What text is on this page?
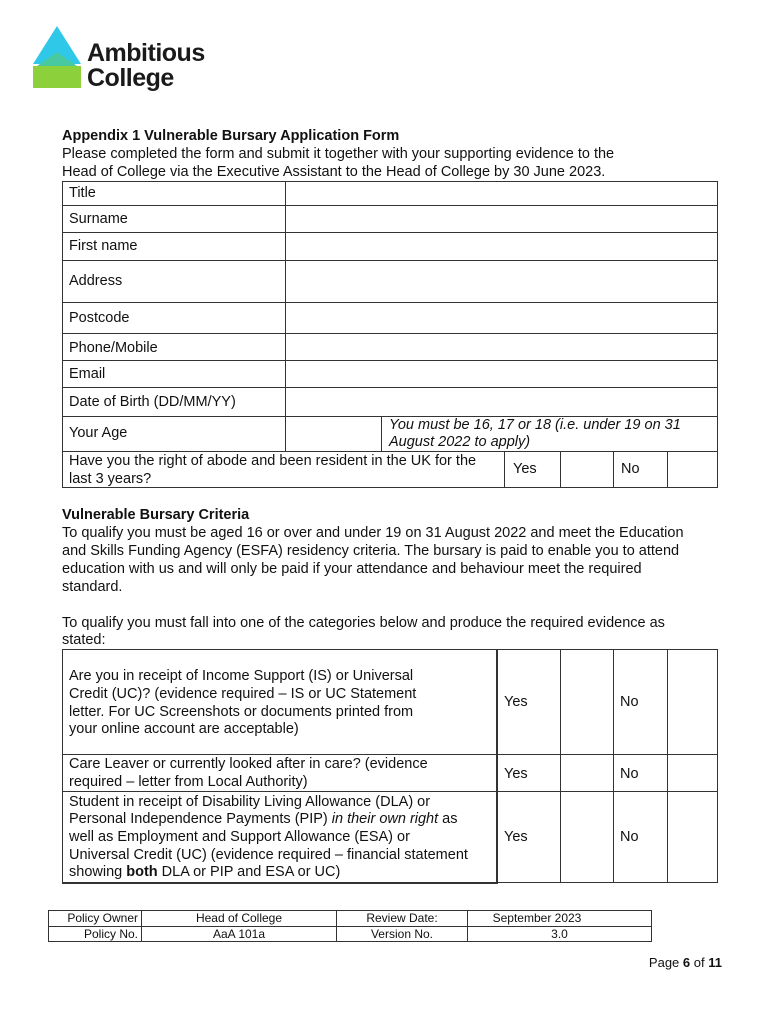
Ambitious
College
Appendix 1 Vulnerable Bursary Application Form
Please completed the form and submit it together with your supporting evidence to the
Head of College via the Executive Assistant to the Head of College by 30 June 2023.
Title
Surname
First name
Address
Postcode
Phone/Mobile
Email
Date of Birth (DD/MM/YY)
Your Age	You must be 16, 17 or 18 (i.e. under 19 on 31
August 2022 to apply)
Have you the right of abode and been resident in the UK for the
last 3 years?
Yes	No
Vulnerable Bursary Criteria
To qualify you must be aged 16 or over and under 19 on 31 August 2022 and meet the Education
and Skills Funding Agency (ESFA) residency criteria. The bursary is paid to enable you to attend
education with us and will only be paid if your attendance and behaviour meet the required
standard.
To qualify you must fall into one of the categories below and produce the required evidence as
stated:
Are you in receipt of Income Support (IS) or Universal
Credit (UC)? (evidence required – IS or UC Statement
letter. For UC Screenshots or documents printed from
your online account are acceptable)
Yes	No
Care Leaver or currently looked after in care? (evidence
required – letter from Local Authority)	Yes	No
Student in receipt of Disability Living Allowance (DLA) or
Personal Independence Payments (PIP) in their own right as
well as Employment and Support Allowance (ESA) or
Universal Credit (UC) (evidence required – financial statement
showing both DLA or PIP and ESA or UC)
Yes	No
Policy Owner	Head of College	Review Date:	September 2023
Policy No.	AaA 101a	Version No.	3.0
Page 6 of 11
